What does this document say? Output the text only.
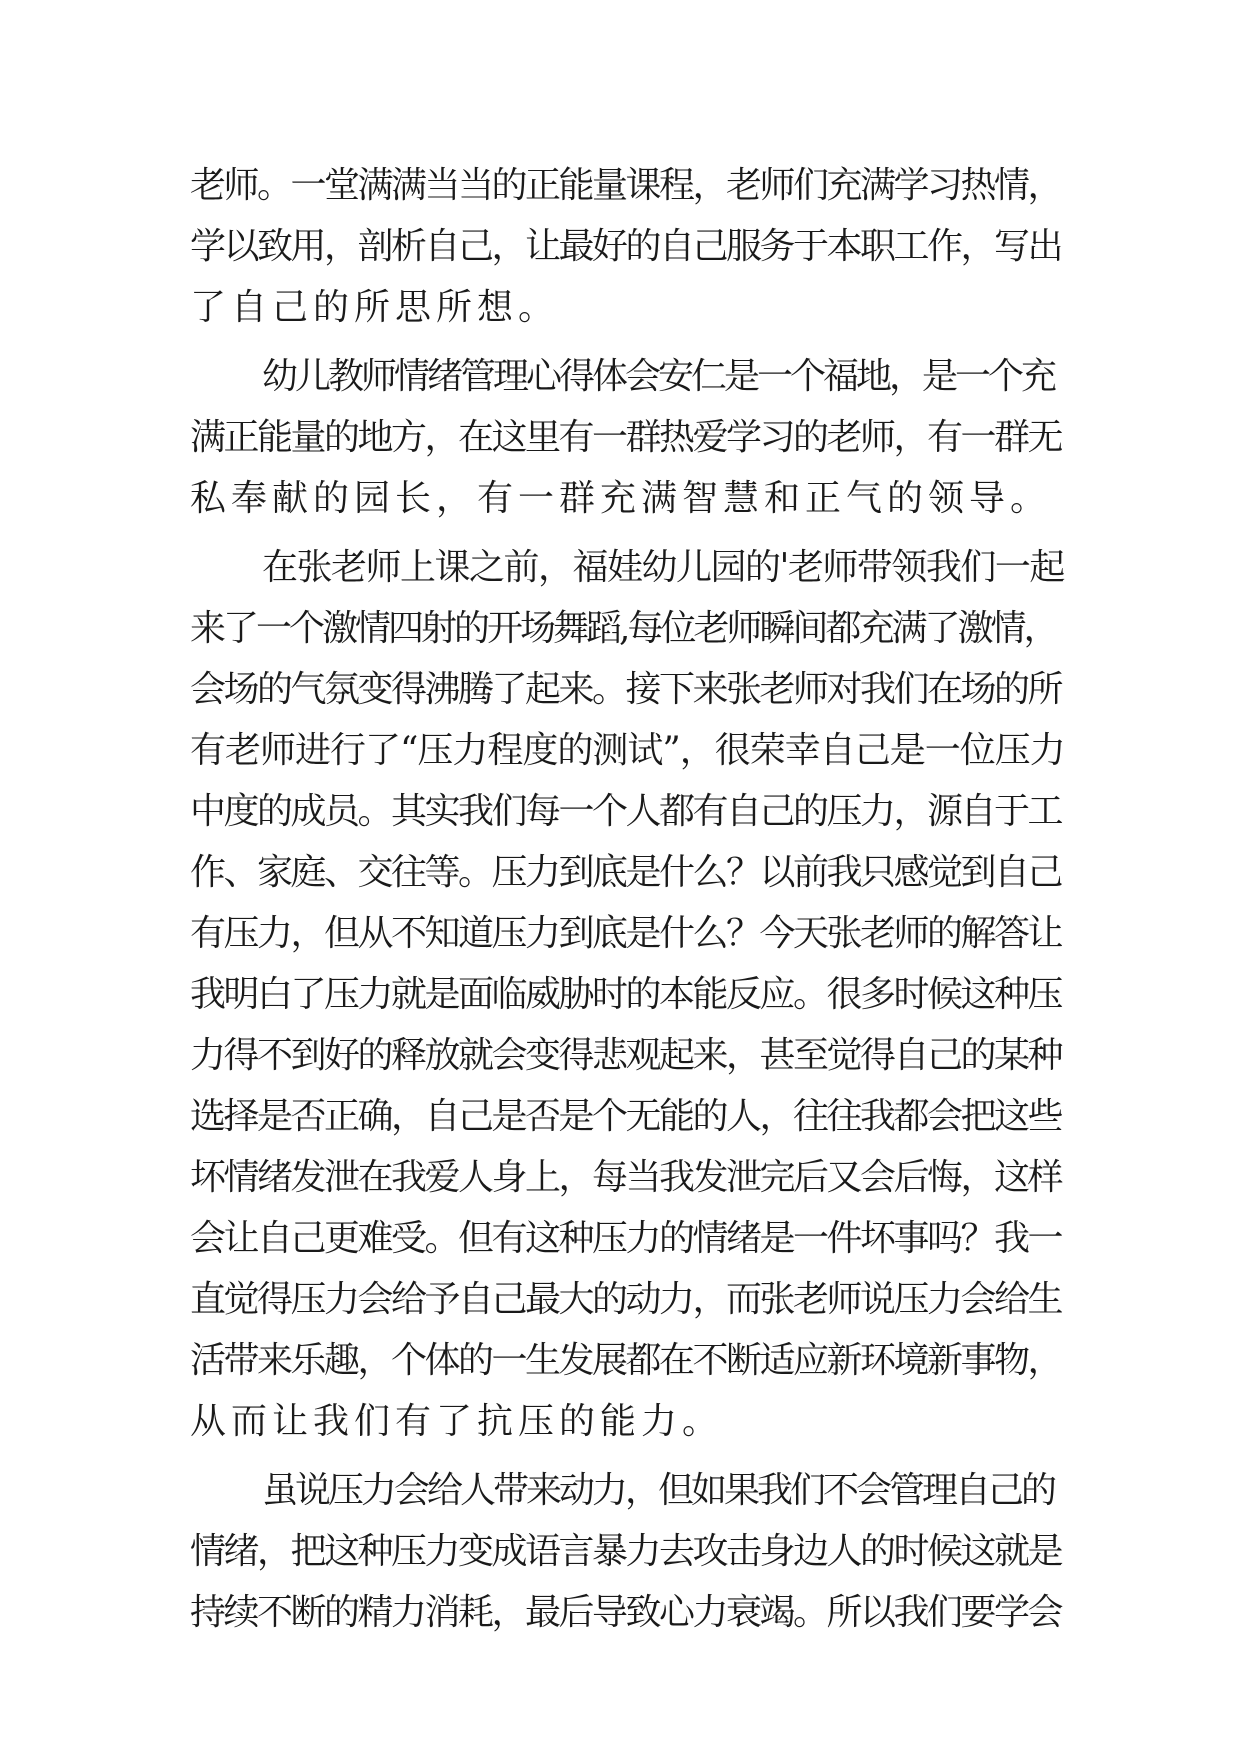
老师。一堂满满当当的正能量课程，老师们充满学习热情，
学以致用，剖析自己，让最好的自己服务于本职工作，写出
了自己的所思所想。
幼儿教师情绪管理心得体会安仁是一个福地，是一个充
满正能量的地方，在这里有一群热爱学习的老师，有一群无
私奉献的园长，有一群充满智慧和正气的领导。
在张老师上课之前，福娃幼儿园的'老师带领我们一起
来了一个激情四射的开场舞蹈,每位老师瞬间都充满了激情，
会场的气氛变得沸腾了起来。接下来张老师对我们在场的所
有老师进行了“压力程度的测试”，很荣幸自己是一位压力
中度的成员。其实我们每一个人都有自己的压力，源自于工
作、家庭、交往等。压力到底是什么？以前我只感觉到自己
有压力，但从不知道压力到底是什么？今天张老师的解答让
我明白了压力就是面临威胁时的本能反应。很多时候这种压
力得不到好的释放就会变得悲观起来，甚至觉得自己的某种
选择是否正确，自己是否是个无能的人，往往我都会把这些
坏情绪发泄在我爱人身上，每当我发泄完后又会后悔，这样
会让自己更难受。但有这种压力的情绪是一件坏事吗？我一
直觉得压力会给予自己最大的动力，而张老师说压力会给生
活带来乐趣，个体的一生发展都在不断适应新环境新事物，
从而让我们有了抗压的能力。
虽说压力会给人带来动力，但如果我们不会管理自己的
情绪，把这种压力变成语言暴力去攻击身边人的时候这就是
持续不断的精力消耗，最后导致心力衰竭。所以我们要学会
